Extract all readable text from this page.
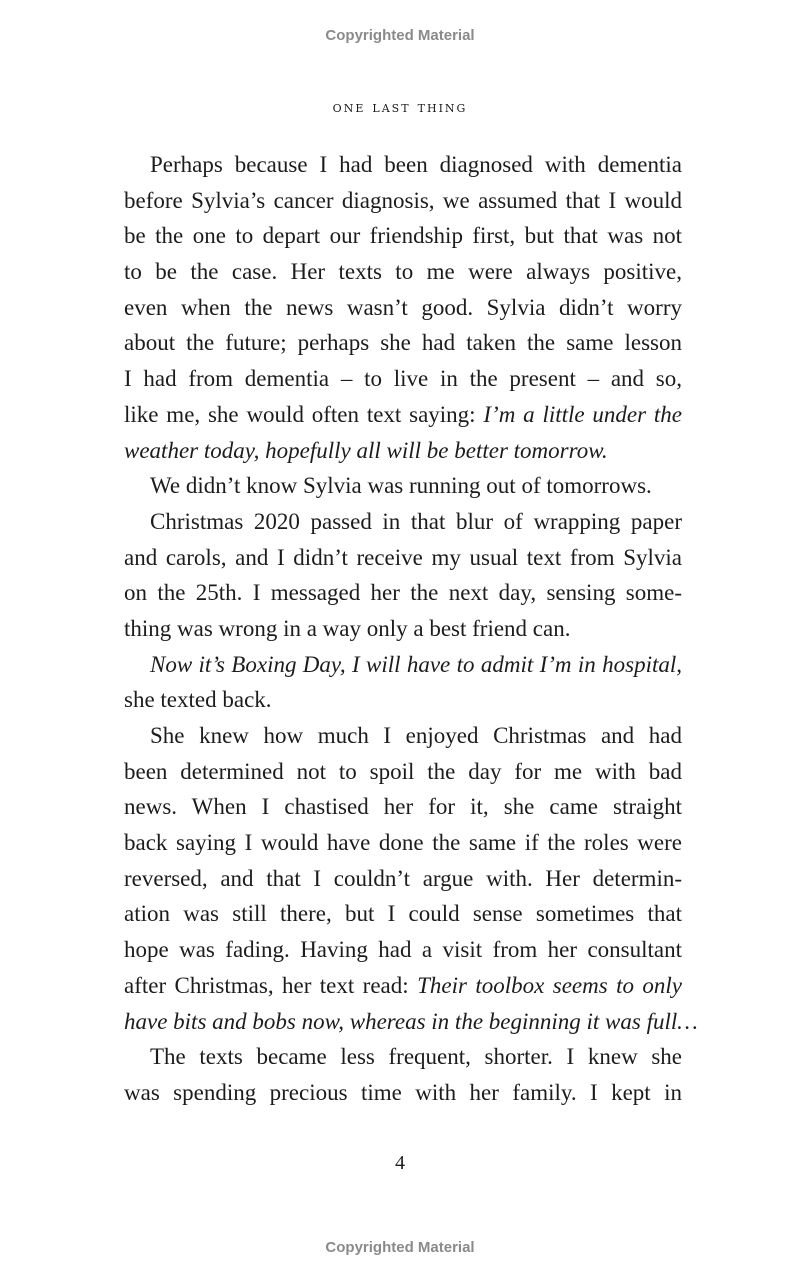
Copyrighted Material
one last thing
Perhaps because I had been diagnosed with dementia
before Sylvia’s cancer diagnosis, we assumed that I would
be the one to depart our friendship first, but that was not
to be the case. Her texts to me were always positive,
even when the news wasn’t good. Sylvia didn’t worry
about the future; perhaps she had taken the same lesson
I had from dementia – to live in the present – and so,
like me, she would often text saying: I’m a little under the
weather today, hopefully all will be better tomorrow.
We didn’t know Sylvia was running out of tomorrows.
Christmas 2020 passed in that blur of wrapping paper
and carols, and I didn’t receive my usual text from Sylvia
on the 25th. I messaged her the next day, sensing some-
thing was wrong in a way only a best friend can.
Now it’s Boxing Day, I will have to admit I’m in hospital,
she texted back.
She knew how much I enjoyed Christmas and had
been determined not to spoil the day for me with bad
news. When I chastised her for it, she came straight
back saying I would have done the same if the roles were
reversed, and that I couldn’t argue with. Her determin-
ation was still there, but I could sense sometimes that
hope was fading. Having had a visit from her consultant
after Christmas, her text read: Their toolbox seems to only
have bits and bobs now, whereas in the beginning it was full…
The texts became less frequent, shorter. I knew she
was spending precious time with her family. I kept in
4
Copyrighted Material
